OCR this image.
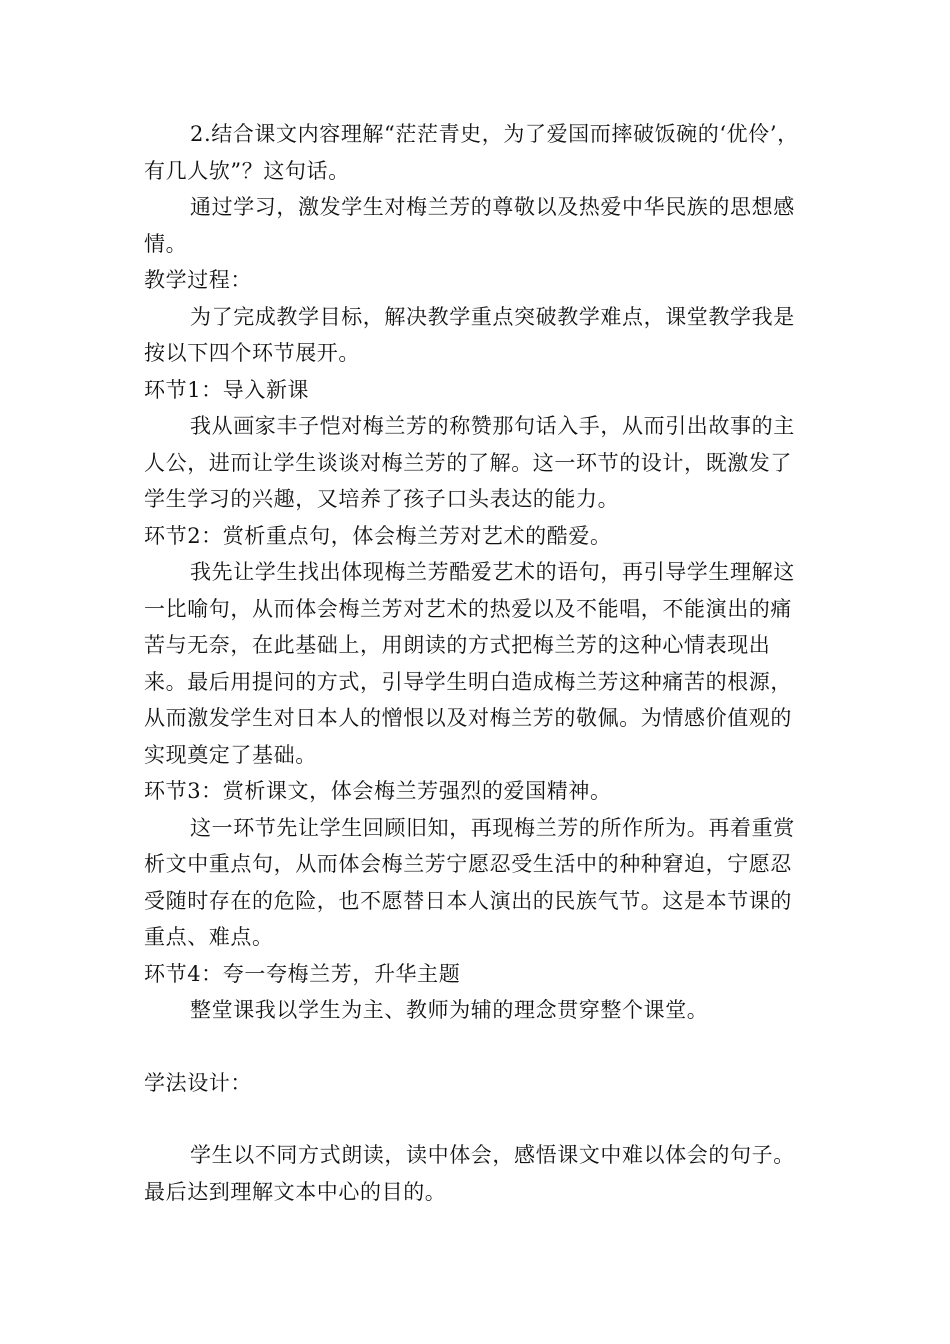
2.结合课文内容理解“茫茫青史，为了爱国而摔破饭碗的‘优伶’，有几人欤”？这句话。

通过学习，激发学生对梅兰芳的尊敬以及热爱中华民族的思想感情。

教学过程：

为了完成教学目标，解决教学重点突破教学难点，课堂教学我是按以下四个环节展开。

环节1：导入新课

我从画家丰子恺对梅兰芳的称赞那句话入手，从而引出故事的主人公，进而让学生谈谈对梅兰芳的了解。这一环节的设计，既激发了学生学习的兴趣，又培养了孩子口头表达的能力。

环节2：赏析重点句，体会梅兰芳对艺术的酷爱。

我先让学生找出体现梅兰芳酷爱艺术的语句，再引导学生理解这一比喻句，从而体会梅兰芳对艺术的热爱以及不能唱，不能演出的痛苦与无奈，在此基础上，用朗读的方式把梅兰芳的这种心情表现出来。最后用提问的方式，引导学生明白造成梅兰芳这种痛苦的根源，从而激发学生对日本人的憎恨以及对梅兰芳的敬佩。为情感价值观的实现奠定了基础。

环节3：赏析课文，体会梅兰芳强烈的爱国精神。

这一环节先让学生回顾旧知，再现梅兰芳的所作所为。再着重赏析文中重点句，从而体会梅兰芳宁愿忍受生活中的种种窘迫，宁愿忍受随时存在的危险，也不愿替日本人演出的民族气节。这是本节课的重点、难点。

环节4：夸一夸梅兰芳，升华主题

整堂课我以学生为主、教师为辅的理念贯穿整个课堂。

学法设计：

学生以不同方式朗读，读中体会，感悟课文中难以体会的句子。最后达到理解文本中心的目的。
